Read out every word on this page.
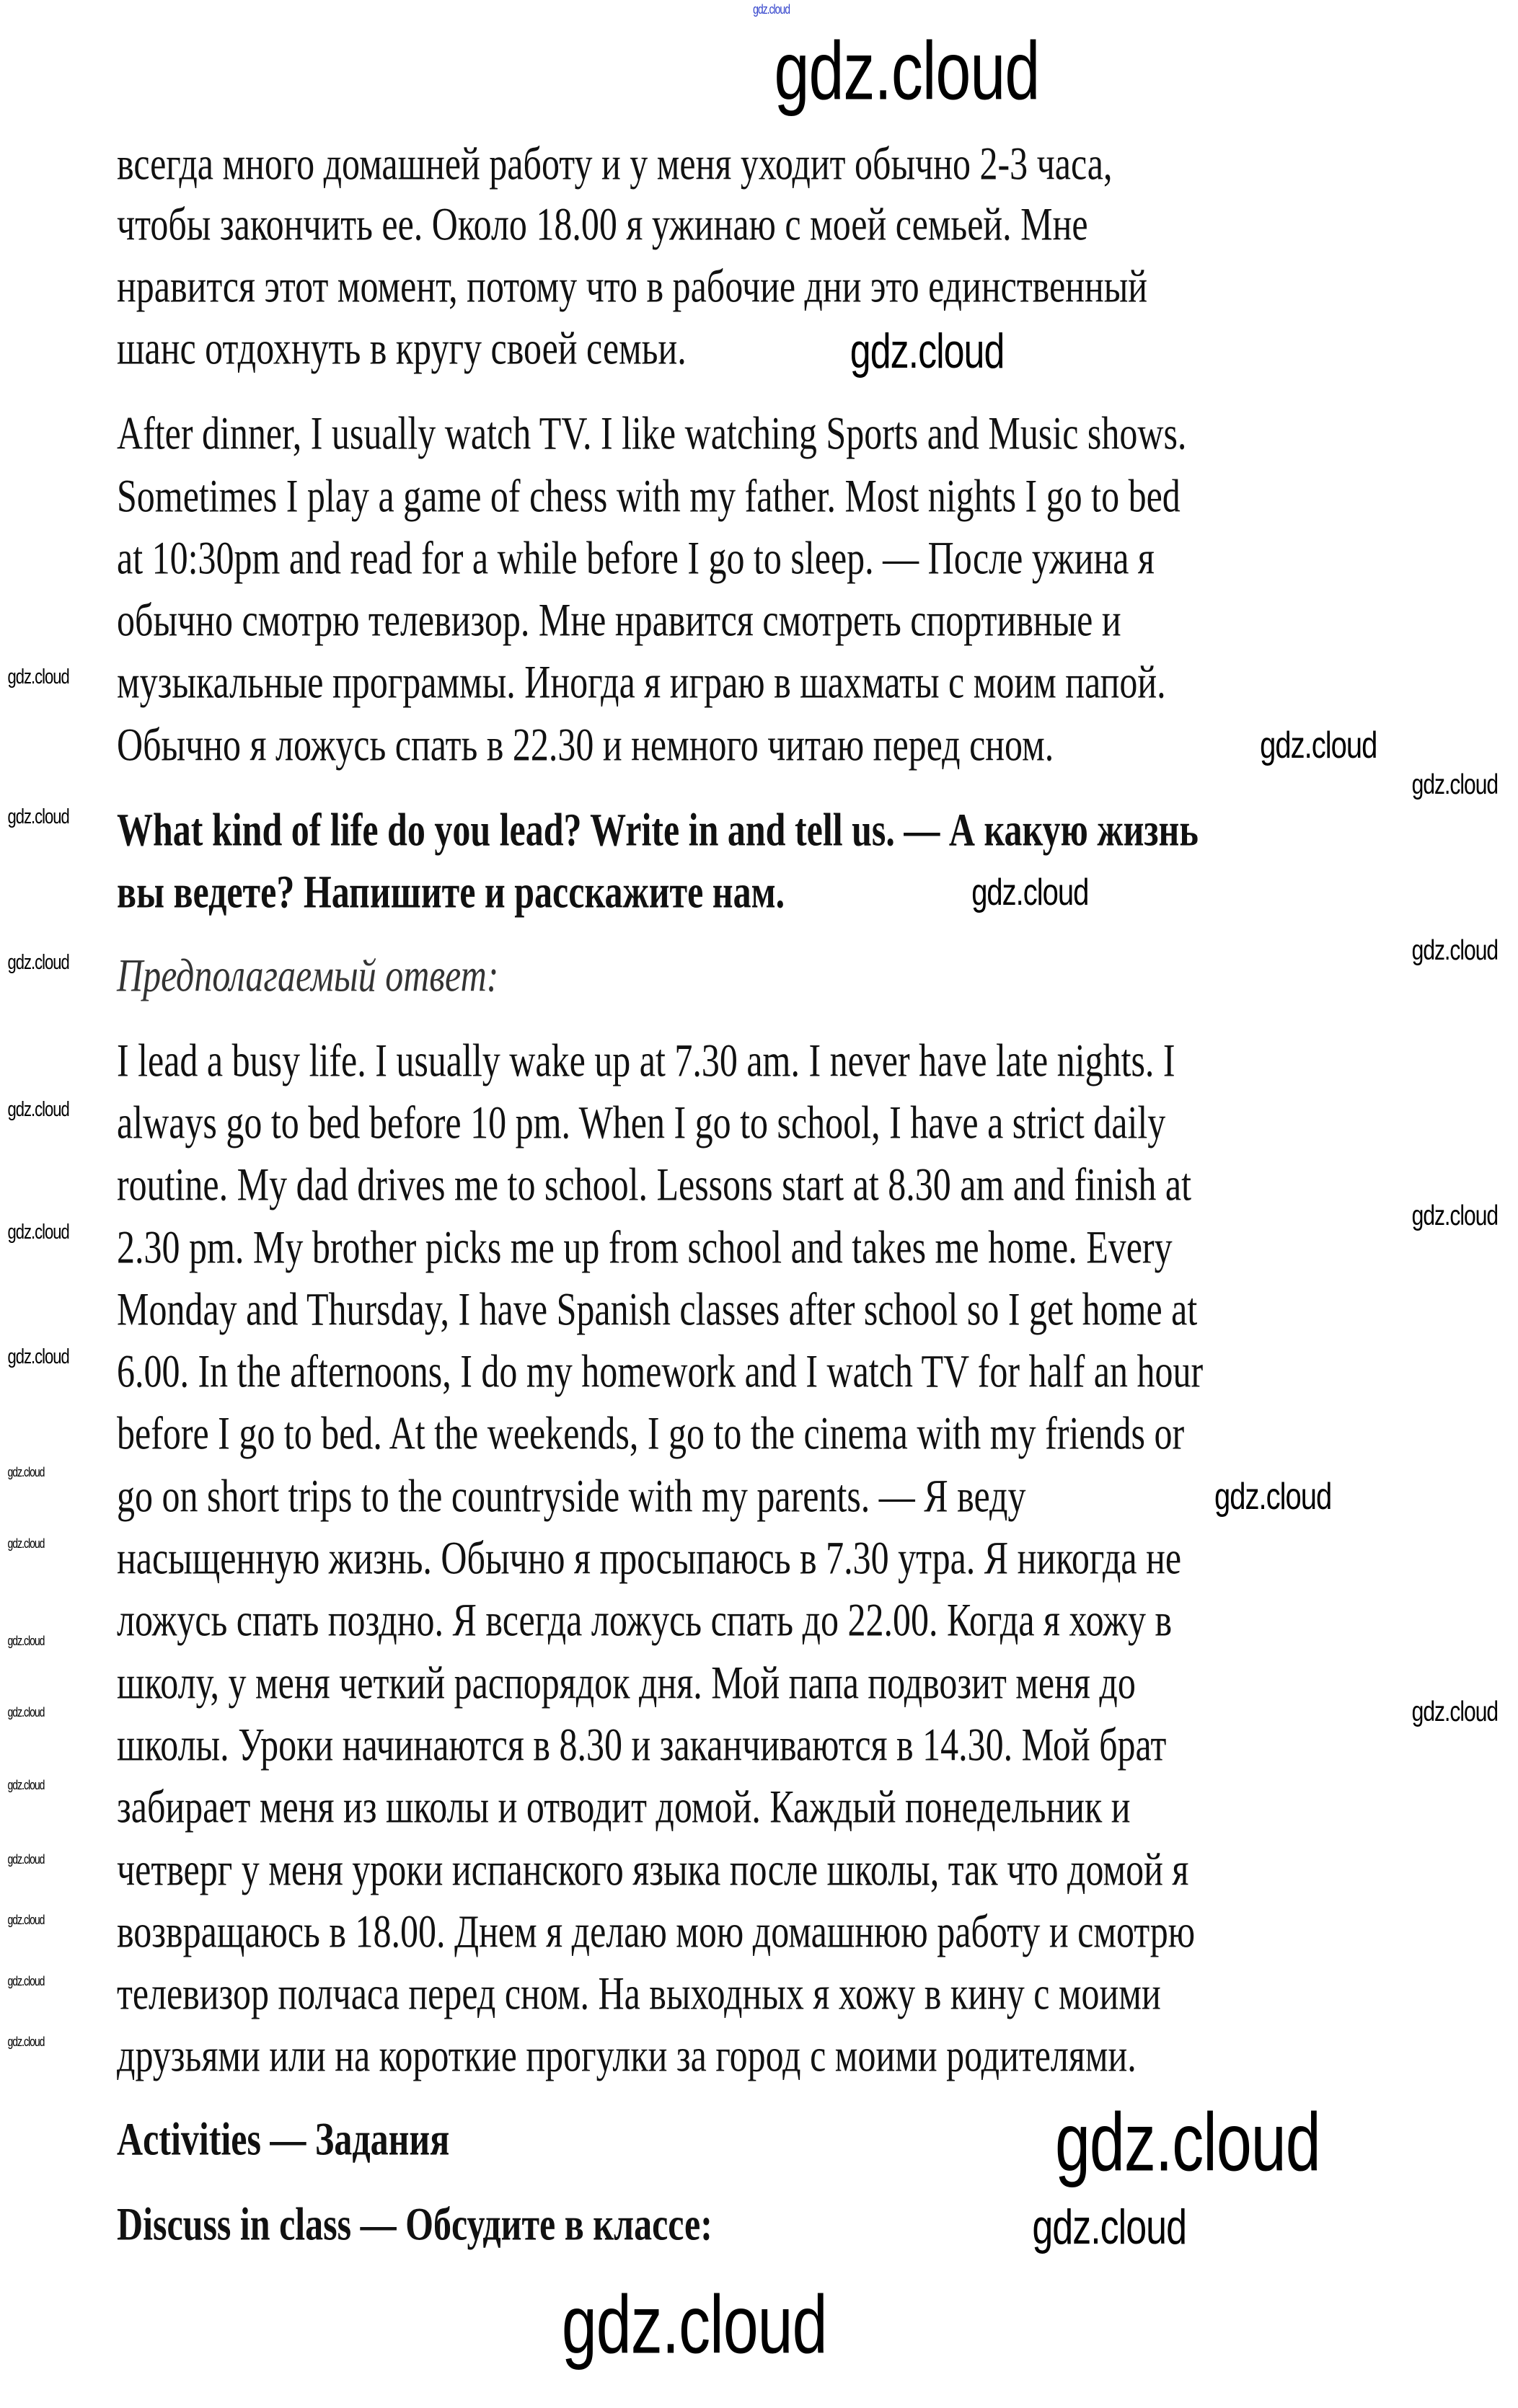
всегда много домашней работу и у меня уходит обычно 2-3 часа,
чтобы закончить ее. Около 18.00 я ужинаю с моей семьей. Мне
нравится этот момент, потому что в рабочие дни это единственный
шанс отдохнуть в кругу своей семьи.
After dinner, I usually watch TV. I like watching Sports and Music shows.
Sometimes I play a game of chess with my father. Most nights I go to bed
at 10:30pm and read for a while before I go to sleep. — После ужина я
обычно смотрю телевизор. Мне нравится смотреть спортивные и
музыкальные программы. Иногда я играю в шахматы с моим папой.
Обычно я ложусь спать в 22.30 и немного читаю перед сном.
What kind of life do you lead? Write in and tell us. — А какую жизнь
вы ведете? Напишите и расскажите нам.
Предполагаемый ответ:
I lead a busy life. I usually wake up at 7.30 am. I never have late nights. I
always go to bed before 10 pm. When I go to school, I have a strict daily
routine. My dad drives me to school. Lessons start at 8.30 am and finish at
2.30 pm. My brother picks me up from school and takes me home. Every
Monday and Thursday, I have Spanish classes after school so I get home at
6.00. In the afternoons, I do my homework and I watch TV for half an hour
before I go to bed. At the weekends, I go to the cinema with my friends or
go on short trips to the countryside with my parents. — Я веду
насыщенную жизнь. Обычно я просыпаюсь в 7.30 утра. Я никогда не
ложусь спать поздно. Я всегда ложусь спать до 22.00. Когда я хожу в
школу, у меня четкий распорядок дня. Мой папа подвозит меня до
школы. Уроки начинаются в 8.30 и заканчиваются в 14.30. Мой брат
забирает меня из школы и отводит домой. Каждый понедельник и
четверг у меня уроки испанского языка после школы, так что домой я
возвращаюсь в 18.00. Днем я делаю мою домашнюю работу и смотрю
телевизор полчаса перед сном. На выходных я хожу в кину с моими
друзьями или на короткие прогулки за город с моими родителями.
Activities — Задания
Discuss in class — Обсудите в классе:
gdz.cloud
gdz.cloud
gdz.cloud
gdz.cloud
gdz.cloud
gdz.cloud
gdz.cloud
gdz.cloud
gdz.cloud
gdz.cloud
gdz.cloud
gdz.cloud
gdz.cloud
gdz.cloud
gdz.cloud
gdz.cloud
gdz.cloud
gdz.cloud
gdz.cloud
gdz.cloud
gdz.cloud
gdz.cloud
gdz.cloud
gdz.cloud
gdz.cloud
gdz.cloud
gdz.cloud
gdz.cloud
